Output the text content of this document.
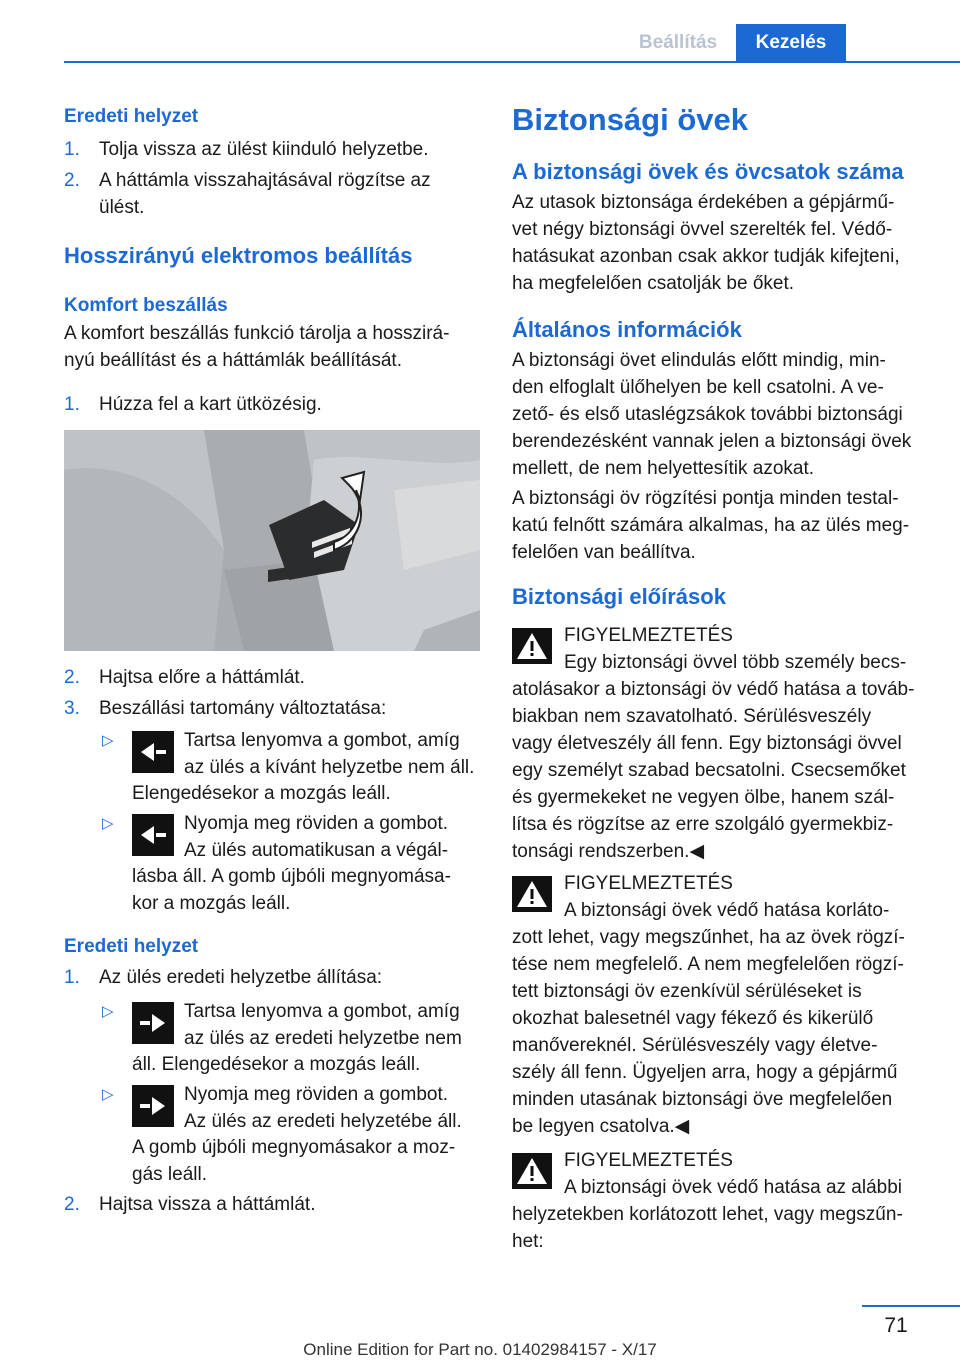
Beállítás	Kezelés
Eredeti helyzet
1. Tolja vissza az ülést kiinduló helyzetbe.
2. A háttámla visszahajtásával rögzítse az
ülést.
Hosszirányú elektromos beállítás
Komfort beszállás
A komfort beszállás funkció tárolja a hosszirá-
nyú beállítást és a háttámlák beállítását.
1. Húzza fel a kart ütközésig.
2. Hajtsa előre a háttámlát.
3. Beszállási tartomány változtatása:
▷	Tartsa lenyomva a gombot, amíg
az ülés a kívánt helyzetbe nem áll.
Elengedésekor a mozgás leáll.
▷	Nyomja meg röviden a gombot.
Az ülés automatikusan a végál-
lásba áll. A gomb újbóli megnyomása-
kor a mozgás leáll.
Eredeti helyzet
1. Az ülés eredeti helyzetbe állítása:
▷	Tartsa lenyomva a gombot, amíg
az ülés az eredeti helyzetbe nem
áll. Elengedésekor a mozgás leáll.
▷	Nyomja meg röviden a gombot.
Az ülés az eredeti helyzetébe áll.
A gomb újbóli megnyomásakor a moz-
gás leáll.
2. Hajtsa vissza a háttámlát.
Biztonsági övek
A biztonsági övek és övcsatok száma
Az utasok biztonsága érdekében a gépjármű-
vet négy biztonsági övvel szerelték fel. Védő-
hatásukat azonban csak akkor tudják kifejteni,
ha megfelelően csatolják be őket.
Általános információk
A biztonsági övet elindulás előtt mindig, min-
den elfoglalt ülőhelyen be kell csatolni. A ve-
zető- és első utaslégzsákok további biztonsági
berendezésként vannak jelen a biztonsági övek
mellett, de nem helyettesítik azokat.
A biztonsági öv rögzítési pontja minden testal-
katú felnőtt számára alkalmas, ha az ülés meg-
felelően van beállítva.
Biztonsági előírások
FIGYELMEZTETÉS
Egy biztonsági övvel több személy becs-
atolásakor a biztonsági öv védő hatása a továb-
biakban nem szavatolható. Sérülésveszély
vagy életveszély áll fenn. Egy biztonsági övvel
egy személyt szabad becsatolni. Csecsemőket
és gyermekeket ne vegyen ölbe, hanem szál-
lítsa és rögzítse az erre szolgáló gyermekbiz-
tonsági rendszerben.◀
FIGYELMEZTETÉS
A biztonsági övek védő hatása korláto-
zott lehet, vagy megszűnhet, ha az övek rögzí-
tése nem megfelelő. A nem megfelelően rögzí-
tett biztonsági öv ezenkívül sérüléseket is
okozhat balesetnél vagy fékező és kikerülő
manővereknél. Sérülésveszély vagy életve-
szély áll fenn. Ügyeljen arra, hogy a gépjármű
minden utasának biztonsági öve megfelelően
be legyen csatolva.◀
FIGYELMEZTETÉS
A biztonsági övek védő hatása az alábbi
helyzetekben korlátozott lehet, vagy megszűn-
het:
71
Online Edition for Part no. 01402984157 - X/17
